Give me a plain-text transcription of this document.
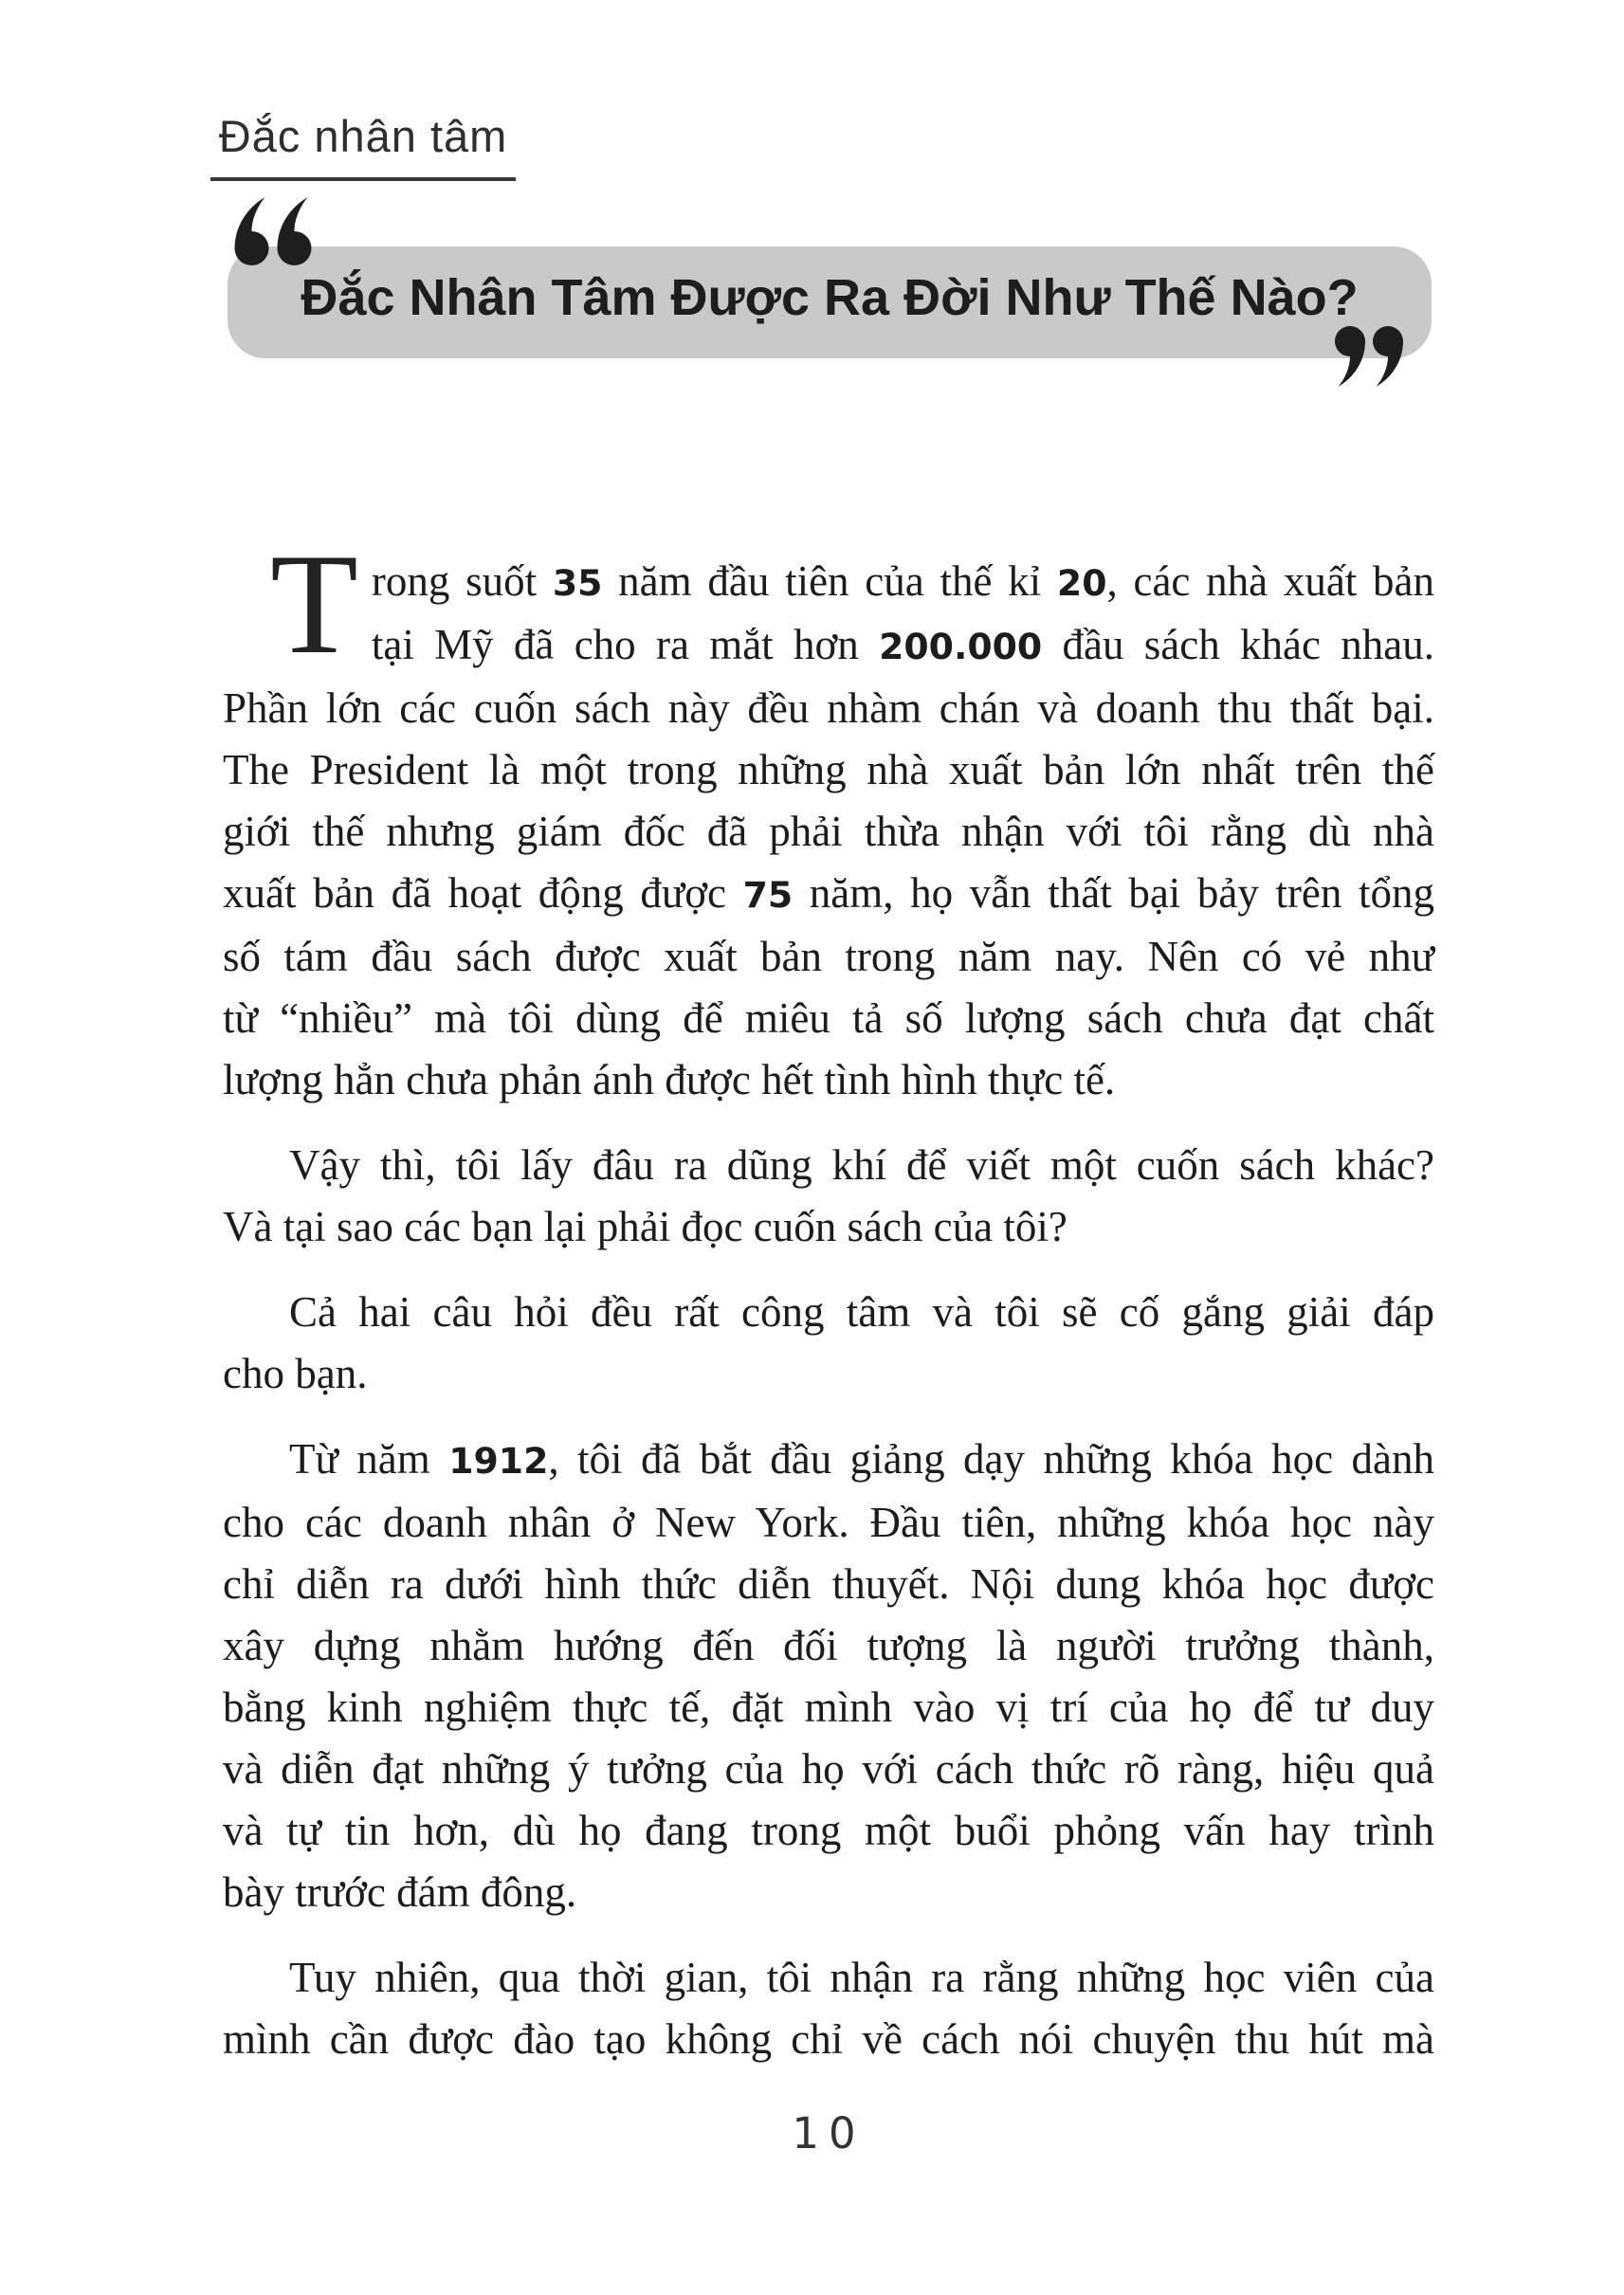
Đắc nhân tâm
Đắc Nhân Tâm Được Ra Đời Như Thế Nào?
T rong suốt 35 năm đầu tiên của thế kỉ 20, các nhà xuất bản
tại Mỹ đã cho ra mắt hơn 200.000 đầu sách khác nhau.
Phần lớn các cuốn sách này đều nhàm chán và doanh thu thất bại.
The President là một trong những nhà xuất bản lớn nhất trên thế
giới thế nhưng giám đốc đã phải thừa nhận với tôi rằng dù nhà
xuất bản đã hoạt động được 75 năm, họ vẫn thất bại bảy trên tổng
số tám đầu sách được xuất bản trong năm nay. Nên có vẻ như
từ “nhiều” mà tôi dùng để miêu tả số lượng sách chưa đạt chất
lượng hẳn chưa phản ánh được hết tình hình thực tế.
Vậy thì, tôi lấy đâu ra dũng khí để viết một cuốn sách khác?
Và tại sao các bạn lại phải đọc cuốn sách của tôi?
Cả hai câu hỏi đều rất công tâm và tôi sẽ cố gắng giải đáp
cho bạn.
Từ năm 1912, tôi đã bắt đầu giảng dạy những khóa học dành
cho các doanh nhân ở New York. Đầu tiên, những khóa học này
chỉ diễn ra dưới hình thức diễn thuyết. Nội dung khóa học được
xây dựng nhằm hướng đến đối tượng là người trưởng thành,
bằng kinh nghiệm thực tế, đặt mình vào vị trí của họ để tư duy
và diễn đạt những ý tưởng của họ với cách thức rõ ràng, hiệu quả
và tự tin hơn, dù họ đang trong một buổi phỏng vấn hay trình
bày trước đám đông.
Tuy nhiên, qua thời gian, tôi nhận ra rằng những học viên của
mình cần được đào tạo không chỉ về cách nói chuyện thu hút mà
10
